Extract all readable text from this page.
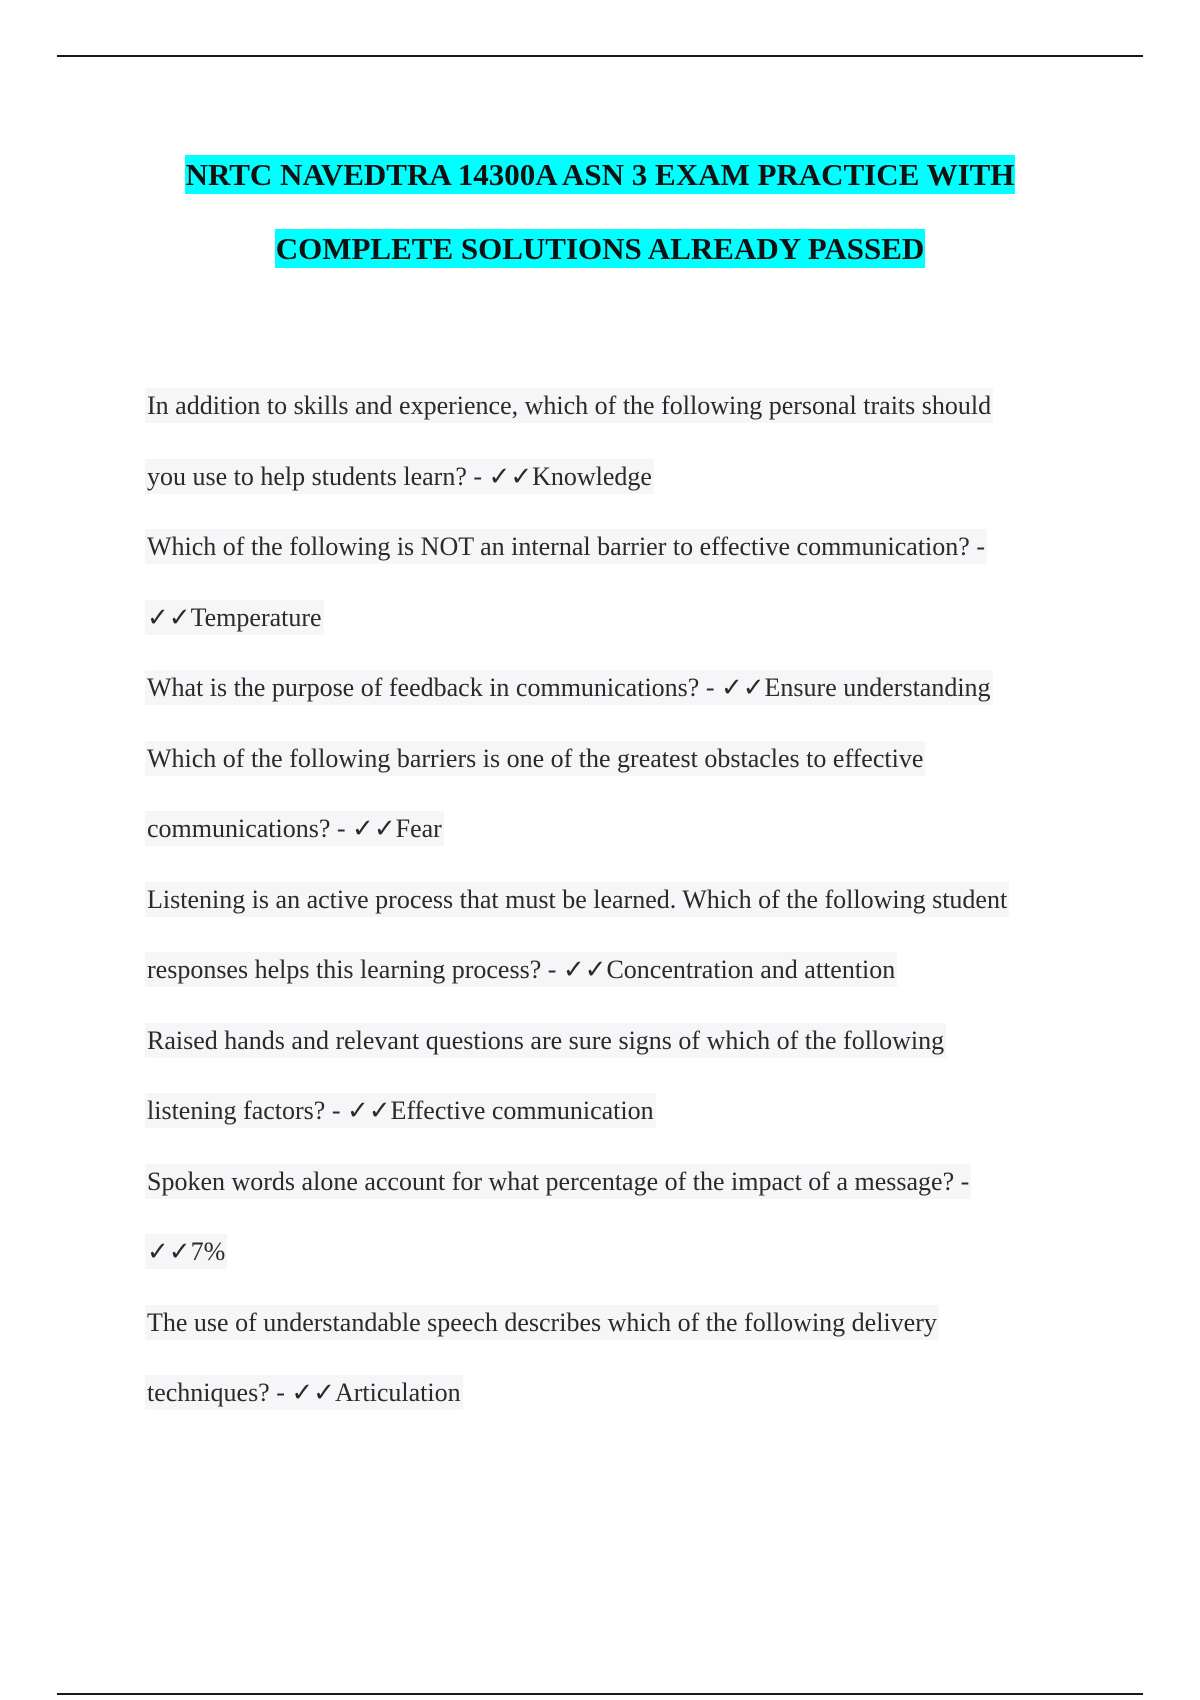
NRTC NAVEDTRA 14300A ASN 3 EXAM PRACTICE WITH
COMPLETE SOLUTIONS ALREADY PASSED
In addition to skills and experience, which of the following personal traits should
you use to help students learn? - ✓✓Knowledge
Which of the following is NOT an internal barrier to effective communication? -
✓✓Temperature
What is the purpose of feedback in communications? - ✓✓Ensure understanding
Which of the following barriers is one of the greatest obstacles to effective
communications? - ✓✓Fear
Listening is an active process that must be learned. Which of the following student
responses helps this learning process? - ✓✓Concentration and attention
Raised hands and relevant questions are sure signs of which of the following
listening factors? - ✓✓Effective communication
Spoken words alone account for what percentage of the impact of a message? -
✓✓7%
The use of understandable speech describes which of the following delivery
techniques? - ✓✓Articulation
